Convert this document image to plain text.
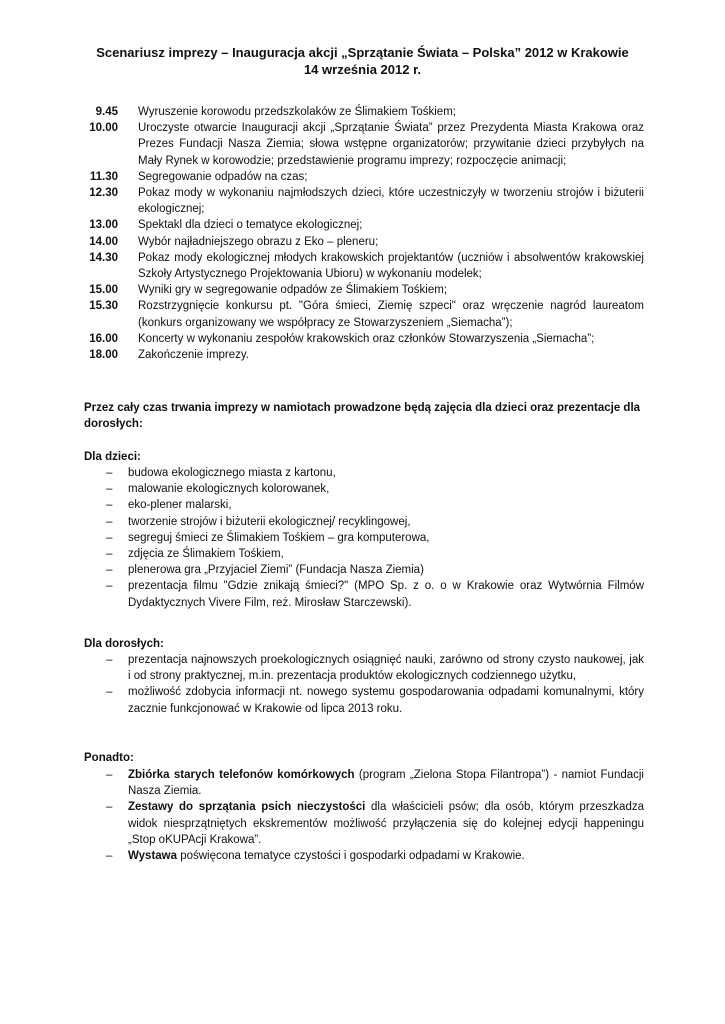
Scenariusz imprezy – Inauguracja akcji „Sprzątanie Świata – Polska” 2012 w Krakowie
14 września 2012 r.
9.45 Wyruszenie korowodu przedszkolaków ze Ślimakiem Tośkiem;
10.00 Uroczyste otwarcie Inauguracji akcji „Sprzątanie Świata” przez Prezydenta Miasta Krakowa oraz Prezes Fundacji Nasza Ziemia; słowa wstępne organizatorów; przywitanie dzieci przybyłych na Mały Rynek w korowodzie; przedstawienie programu imprezy; rozpoczęcie animacji;
11.30 Segregowanie odpadów na czas;
12.30 Pokaz mody w wykonaniu najmłodszych dzieci, które uczestniczyły w tworzeniu strojów i biżuterii ekologicznej;
13.00 Spektakl dla dzieci o tematyce ekologicznej;
14.00 Wybór najładniejszego obrazu z Eko – pleneru;
14.30 Pokaz mody ekologicznej młodych krakowskich projektantów (uczniów i absolwentów krakowskiej Szkoły Artystycznego Projektowania Ubioru) w wykonaniu modelek;
15.00 Wyniki gry w segregowanie odpadów ze Ślimakiem Tośkiem;
15.30 Rozstrzygnięcie konkursu pt. "Góra śmieci, Ziemię szpeci" oraz wręczenie nagród laureatom (konkurs organizowany we współpracy ze Stowarzyszeniem „Siemacha”);
16.00 Koncerty w wykonaniu zespołów krakowskich oraz członków Stowarzyszenia „Siemacha”;
18.00 Zakończenie imprezy.
Przez cały czas trwania imprezy w namiotach prowadzone będą zajęcia dla dzieci oraz prezentacje dla dorosłych:
Dla dzieci:
– budowa ekologicznego miasta z kartonu,
– malowanie ekologicznych kolorowanek,
– eko-plener malarski,
– tworzenie strojów i biżuterii ekologicznej/ recyklingowej,
– segreguj śmieci ze Ślimakiem Tośkiem – gra komputerowa,
– zdjęcia ze Ślimakiem Tośkiem,
– plenerowa gra „Przyjaciel Ziemi” (Fundacja Nasza Ziemia)
– prezentacja filmu "Gdzie znikają śmieci?" (MPO Sp. z o. o w Krakowie oraz Wytwórnia Filmów Dydaktycznych Vivere Film, reż. Mirosław Starczewski).
Dla dorosłych:
– prezentacja najnowszych proekologicznych osiągnięć nauki, zarówno od strony czysto naukowej, jak i od strony praktycznej, m.in. prezentacja produktów ekologicznych codziennego użytku,
– możliwość zdobycia informacji nt. nowego systemu gospodarowania odpadami komunalnymi, który zacznie funkcjonować w Krakowie od lipca 2013 roku.
Ponadto:
– Zbiórka starych telefonów komórkowych (program „Zielona Stopa Filantropa”) - namiot Fundacji Nasza Ziemia.
– Zestawy do sprzątania psich nieczystości dla właścicieli psów; dla osób, którym przeszkadza widok niesprzątniętych ekskrementów możliwość przyłączenia się do kolejnej edycji happeningu „Stop oKUPAcji Krakowa”.
– Wystawa poświęcona tematyce czystości i gospodarki odpadami w Krakowie.
